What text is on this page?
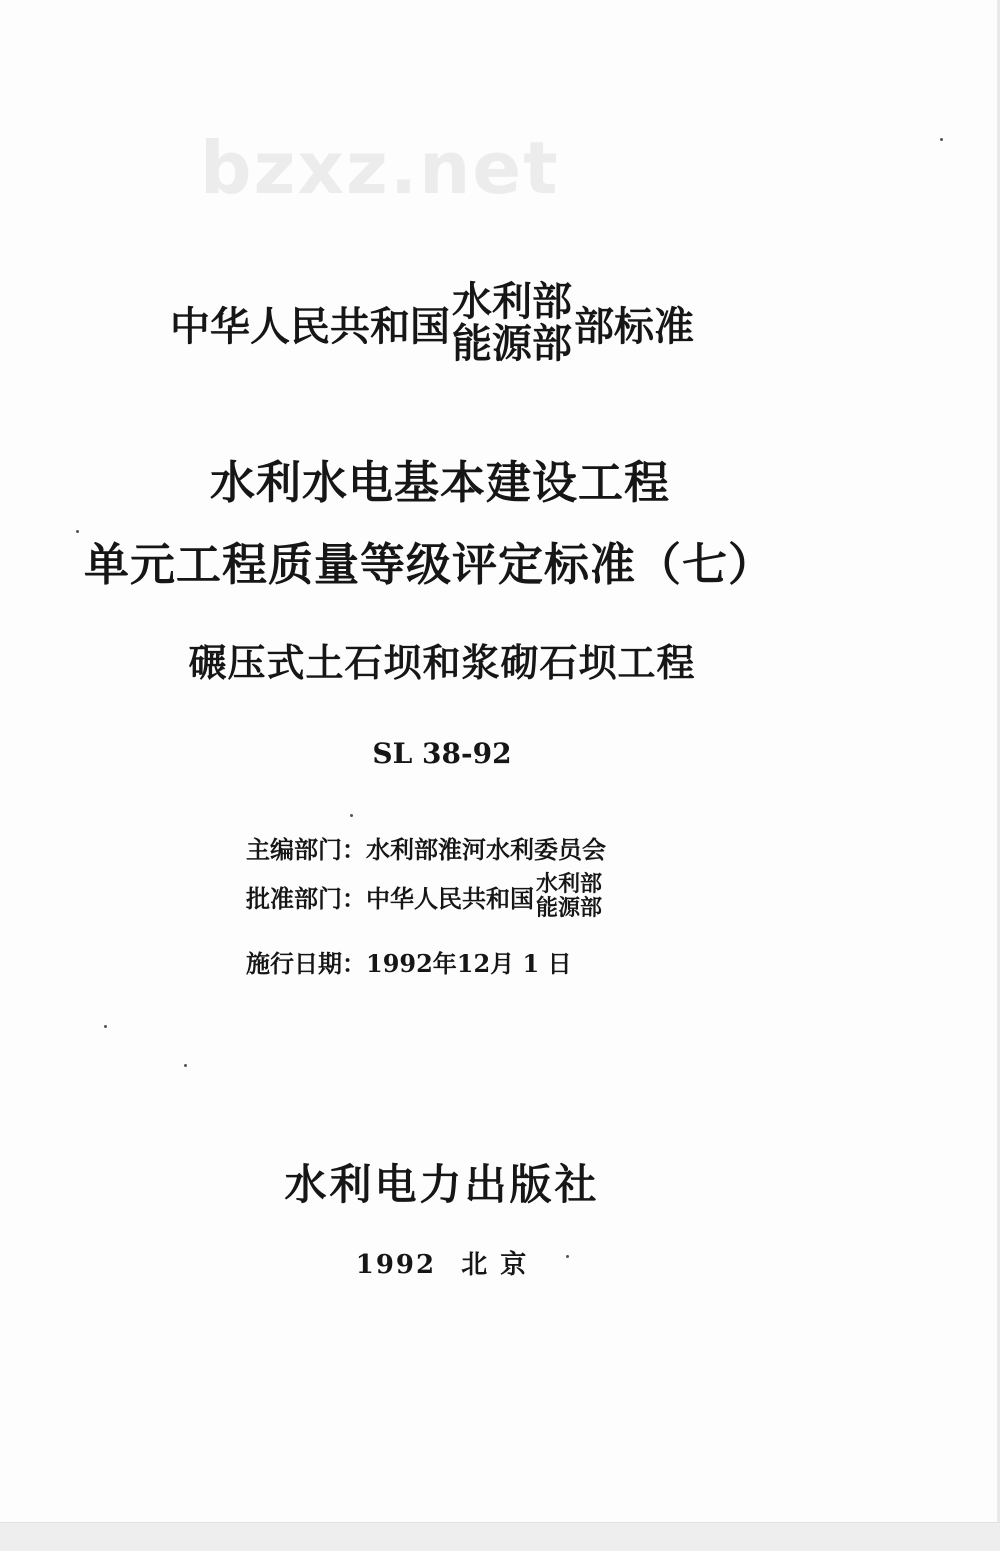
bzxz.net
中华人民共和国
水利部
能源部 部标准
水利水电基本建设工程
单元工程质量等级评定标准（七）
碾压式土石坝和浆砌石坝工程
SL 38-92
主编部门： 水利部淮河水利委员会
批准部门： 中华人民共和国 水利部
能源部
施行日期： 1992年12月 1 日
水利电力出版社
1992 北 京
